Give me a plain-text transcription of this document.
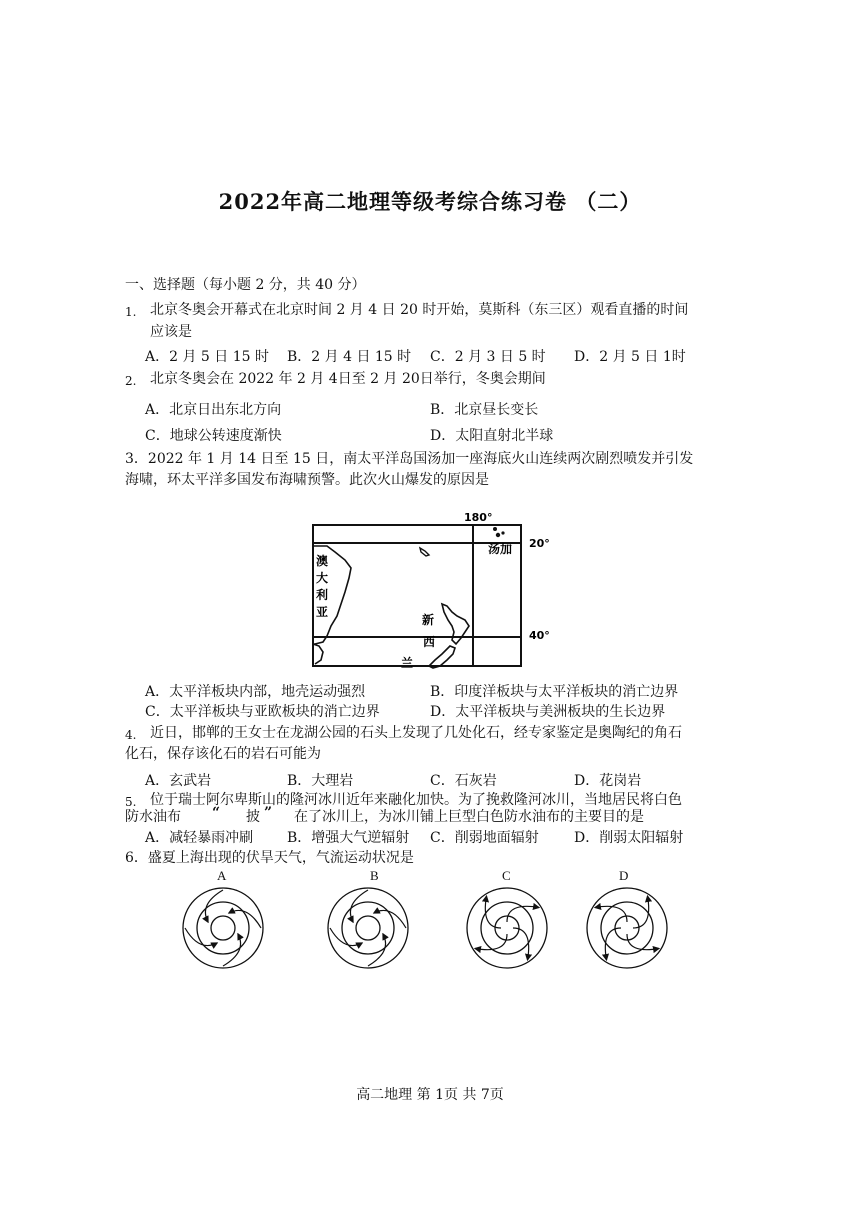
2022年高二地理等级考综合练习卷 （二）
一、选择题（每小题 2 分，共 40 分）
1. 北京冬奥会开幕式在北京时间 2 月 4 日 20 时开始，莫斯科（东三区）观看直播的时间
应该是
A．2 月 5 日 15 时 B．2 月 4 日 15 时 C．2 月 3 日 5 时 D．2 月 5 日 1时
2. 北京冬奥会在 2022 年 2 月 4日至 2 月 20日举行，冬奥会期间
A．北京日出东北方向	B．北京昼长变长
C．地球公转速度渐快	D．太阳直射北半球
3．2022 年 1 月 14 日至 15 日，南太平洋岛国汤加一座海底火山连续两次剧烈喷发并引发
海啸，环太平洋多国发布海啸预警。此次火山爆发的原因是
180°
20°
40°
汤加
澳
大
利
亚
新
西
兰
A．太平洋板块内部，地壳运动强烈	B．印度洋板块与太平洋板块的消亡边界
C．太平洋板块与亚欧板块的消亡边界	D．太平洋板块与美洲板块的生长边界
4. 近日，邯郸的王女士在龙湖公园的石头上发现了几处化石，经专家鉴定是奥陶纪的角石
化石，保存该化石的岩石可能为
A．玄武岩	B．大理岩	C．石灰岩	D．花岗岩
5. 位于瑞士阿尔卑斯山的隆河冰川近年来融化加快。为了挽救隆河冰川，当地居民将白色
防水油布 “ 披 ” 在了冰川上，为冰川铺上巨型白色防水油布的主要目的是
A．减轻暴雨冲刷 B．增强大气逆辐射 C．削弱地面辐射	D．削弱太阳辐射
6．盛夏上海出现的伏旱天气，气流运动状况是
A	B	C	D
高二地理 第 1页 共 7页
